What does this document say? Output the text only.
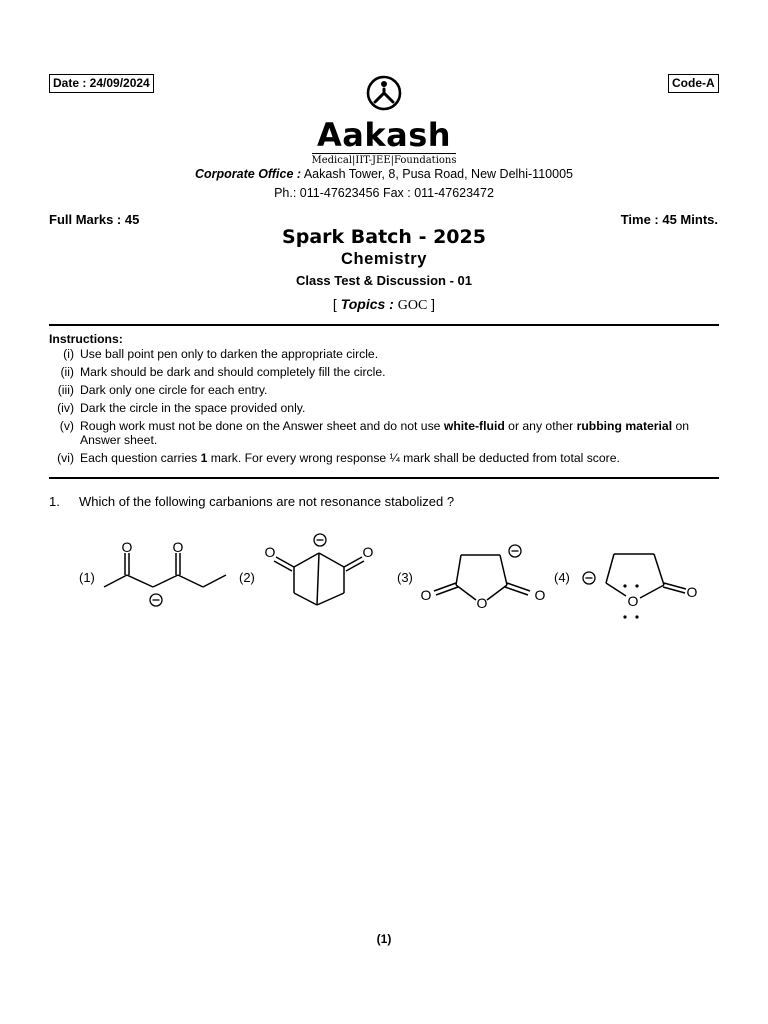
Date : 24/09/2024	Code-A
Aakash
Medical|IIT-JEE|Foundations
Corporate Office : Aakash Tower, 8, Pusa Road, New Delhi-110005
Ph.: 011-47623456 Fax : 011-47623472
Full Marks : 45	Time : 45 Mints.
Spark Batch - 2025
Chemistry
Class Test & Discussion - 01
[ Topics : GOC ]
Instructions:
(i) Use ball point pen only to darken the appropriate circle.
(ii) Mark should be dark and should completely fill the circle.
(iii) Dark only one circle for each entry.
(iv) Dark the circle in the space provided only.
(v) Rough work must not be done on the Answer sheet and do not use white-fluid or any other rubbing material on Answer sheet.
(vi) Each question carries 1 mark. For every wrong response ¼ mark shall be deducted from total score.
1. Which of the following carbanions are not resonance stabolized ?
(1)	(2)	(3)	(4)
O	O	O	O
O	O	O	O
O
(1)
